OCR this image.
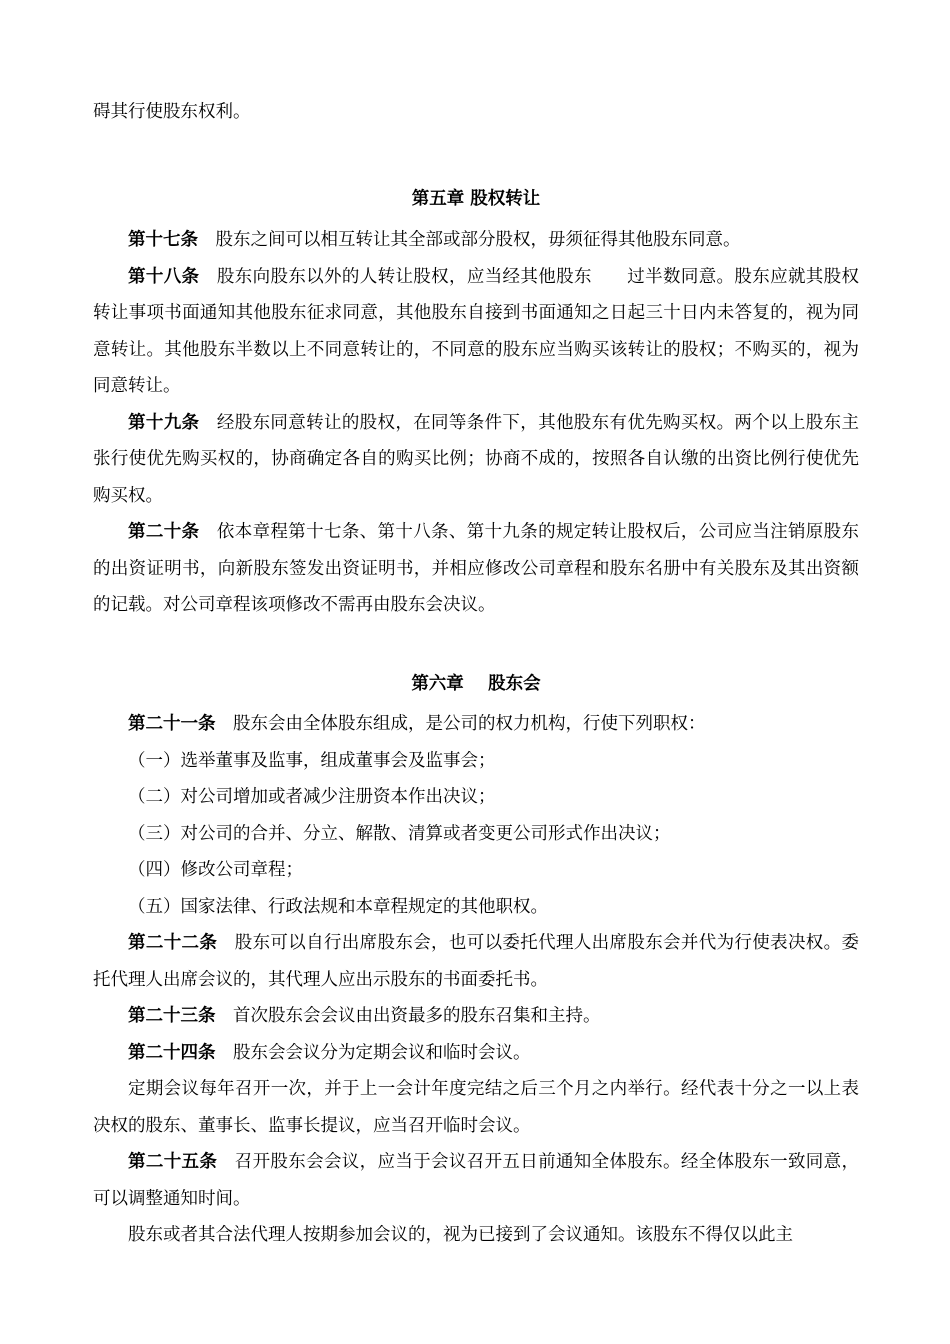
碍其行使股东权利。

第五章 股权转让

第十七条 股东之间可以相互转让其全部或部分股权，毋须征得其他股东同意。

第十八条 股东向股东以外的人转让股权，应当经其他股东      过半数同意。股东应就其股权转让事项书面通知其他股东征求同意，其他股东自接到书面通知之日起三十日内未答复的，视为同意转让。其他股东半数以上不同意转让的，不同意的股东应当购买该转让的股权；不购买的，视为同意转让。

第十九条 经股东同意转让的股权，在同等条件下，其他股东有优先购买权。两个以上股东主张行使优先购买权的，协商确定各自的购买比例；协商不成的，按照各自认缴的出资比例行使优先购买权。

第二十条 依本章程第十七条、第十八条、第十九条的规定转让股权后，公司应当注销原股东的出资证明书，向新股东签发出资证明书，并相应修改公司章程和股东名册中有关股东及其出资额的记载。对公司章程该项修改不需再由股东会决议。

第六章    股东会

第二十一条 股东会由全体股东组成，是公司的权力机构，行使下列职权：

（一）选举董事及监事，组成董事会及监事会；

（二）对公司增加或者减少注册资本作出决议；

（三）对公司的合并、分立、解散、清算或者变更公司形式作出决议；

（四）修改公司章程；

（五）国家法律、行政法规和本章程规定的其他职权。

第二十二条 股东可以自行出席股东会，也可以委托代理人出席股东会并代为行使表决权。委托代理人出席会议的，其代理人应出示股东的书面委托书。

第二十三条 首次股东会会议由出资最多的股东召集和主持。

第二十四条 股东会会议分为定期会议和临时会议。

定期会议每年召开一次，并于上一会计年度完结之后三个月之内举行。经代表十分之一以上表决权的股东、董事长、监事长提议，应当召开临时会议。

第二十五条 召开股东会会议，应当于会议召开五日前通知全体股东。经全体股东一致同意，可以调整通知时间。

股东或者其合法代理人按期参加会议的，视为已接到了会议通知。该股东不得仅以此主
